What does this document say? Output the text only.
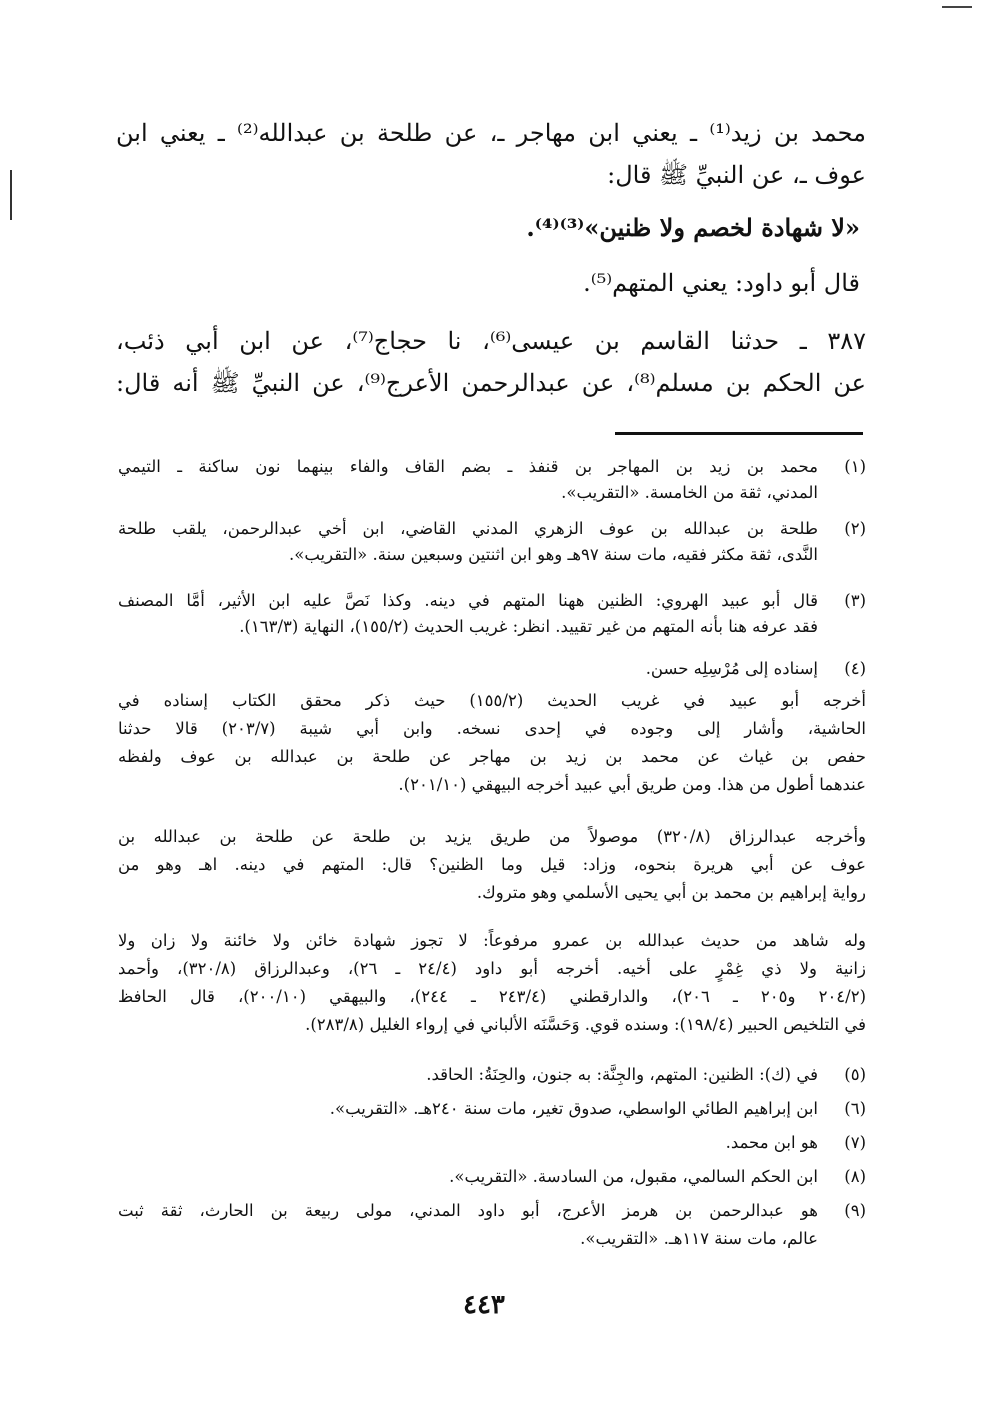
محمد بن زيد⁽¹⁾ ـ يعني ابن مهاجر ـ، عن طلحة بن عبدالله⁽²⁾ ـ يعني ابن
عوف ـ، عن النبيِّ ﷺ قال:
«لا شهادة لخصم ولا ظنين»⁽³⁾⁽⁴⁾.
قال أبو داود: يعني المتهم⁽⁵⁾.
٣٨٧ ـ حدثنا القاسم بن عيسى⁽⁶⁾، نا حجاج⁽⁷⁾، عن ابن أبي ذئب،
عن الحكم بن مسلم⁽⁸⁾، عن عبدالرحمن الأعرج⁽⁹⁾، عن النبيِّ ﷺ أنه قال:
(١)
محمد بن زيد بن المهاجر بن قنفذ ـ بضم القاف والفاء بينهما نون ساكنة ـ التيمي
المدني، ثقة من الخامسة. «التقريب».
(٢)
طلحة بن عبدالله بن عوف الزهري المدني القاضي، ابن أخي عبدالرحمن، يلقب طلحة
النَّدى، ثقة مكثر فقيه، مات سنة ٩٧هـ وهو ابن اثنتين وسبعين سنة. «التقريب».
(٣)
قال أبو عبيد الهروي: الظنين ههنا المتهم في دينه. وكذا نَصَّ عليه ابن الأثير، أمَّا المصنف
فقد عرفه هنا بأنه المتهم من غير تقييد. انظر: غريب الحديث (١٥٥/٢)، النهاية (١٦٣/٣).
(٤)
إسناده إلى مُرْسِلِه حسن.
أخرجه أبو عبيد في غريب الحديث (١٥٥/٢) حيث ذكر محقق الكتاب إسناده في
الحاشية، وأشار إلى وجوده في إحدى نسخه. وابن أبي شيبة (٢٠٣/٧) قالا حدثنا
حفص بن غياث عن محمد بن زيد بن مهاجر عن طلحة بن عبدالله بن عوف ولفظه
عندهما أطول من هذا. ومن طريق أبي عبيد أخرجه البيهقي (٢٠١/١٠).
وأخرجه عبدالرزاق (٣٢٠/٨) موصولاً من طريق يزيد بن طلحة عن طلحة بن عبدالله بن
عوف عن أبي هريرة بنحوه، وزاد: قيل وما الظنين؟ قال: المتهم في دينه. اهـ وهو من
رواية إبراهيم بن محمد بن أبي يحيى الأسلمي وهو متروك.
وله شاهد من حديث عبدالله بن عمرو مرفوعاً: لا تجوز شهادة خائن ولا خائنة ولا زان ولا
زانية ولا ذي غِمْرٍ على أخيه. أخرجه أبو داود (٢٤/٤ ـ ٢٦)، وعبدالرزاق (٣٢٠/٨)، وأحمد
(٢٠٤/٢ و٢٠٥ ـ ٢٠٦)، والدارقطني (٢٤٣/٤ ـ ٢٤٤)، والبيهقي (٢٠٠/١٠)، قال الحافظ
في التلخيص الحبير (١٩٨/٤): وسنده قوي. وَحَسَّنَه الألباني في إرواء الغليل (٢٨٣/٨).
(٥)
في (ك): الظنين: المتهم، والجِنَّة: به جنون، والحِنَةُ: الحاقد.
(٦)
ابن إبراهيم الطائي الواسطي، صدوق تغير، مات سنة ٢٤٠هـ. «التقريب».
(٧)
هو ابن محمد.
(٨)
ابن الحكم السالمي، مقبول، من السادسة. «التقريب».
(٩)
هو عبدالرحمن بن هرمز الأعرج، أبو داود المدني، مولى ربيعة بن الحارث، ثقة ثبت
عالم، مات سنة ١١٧هـ. «التقريب».
٤٤٣
